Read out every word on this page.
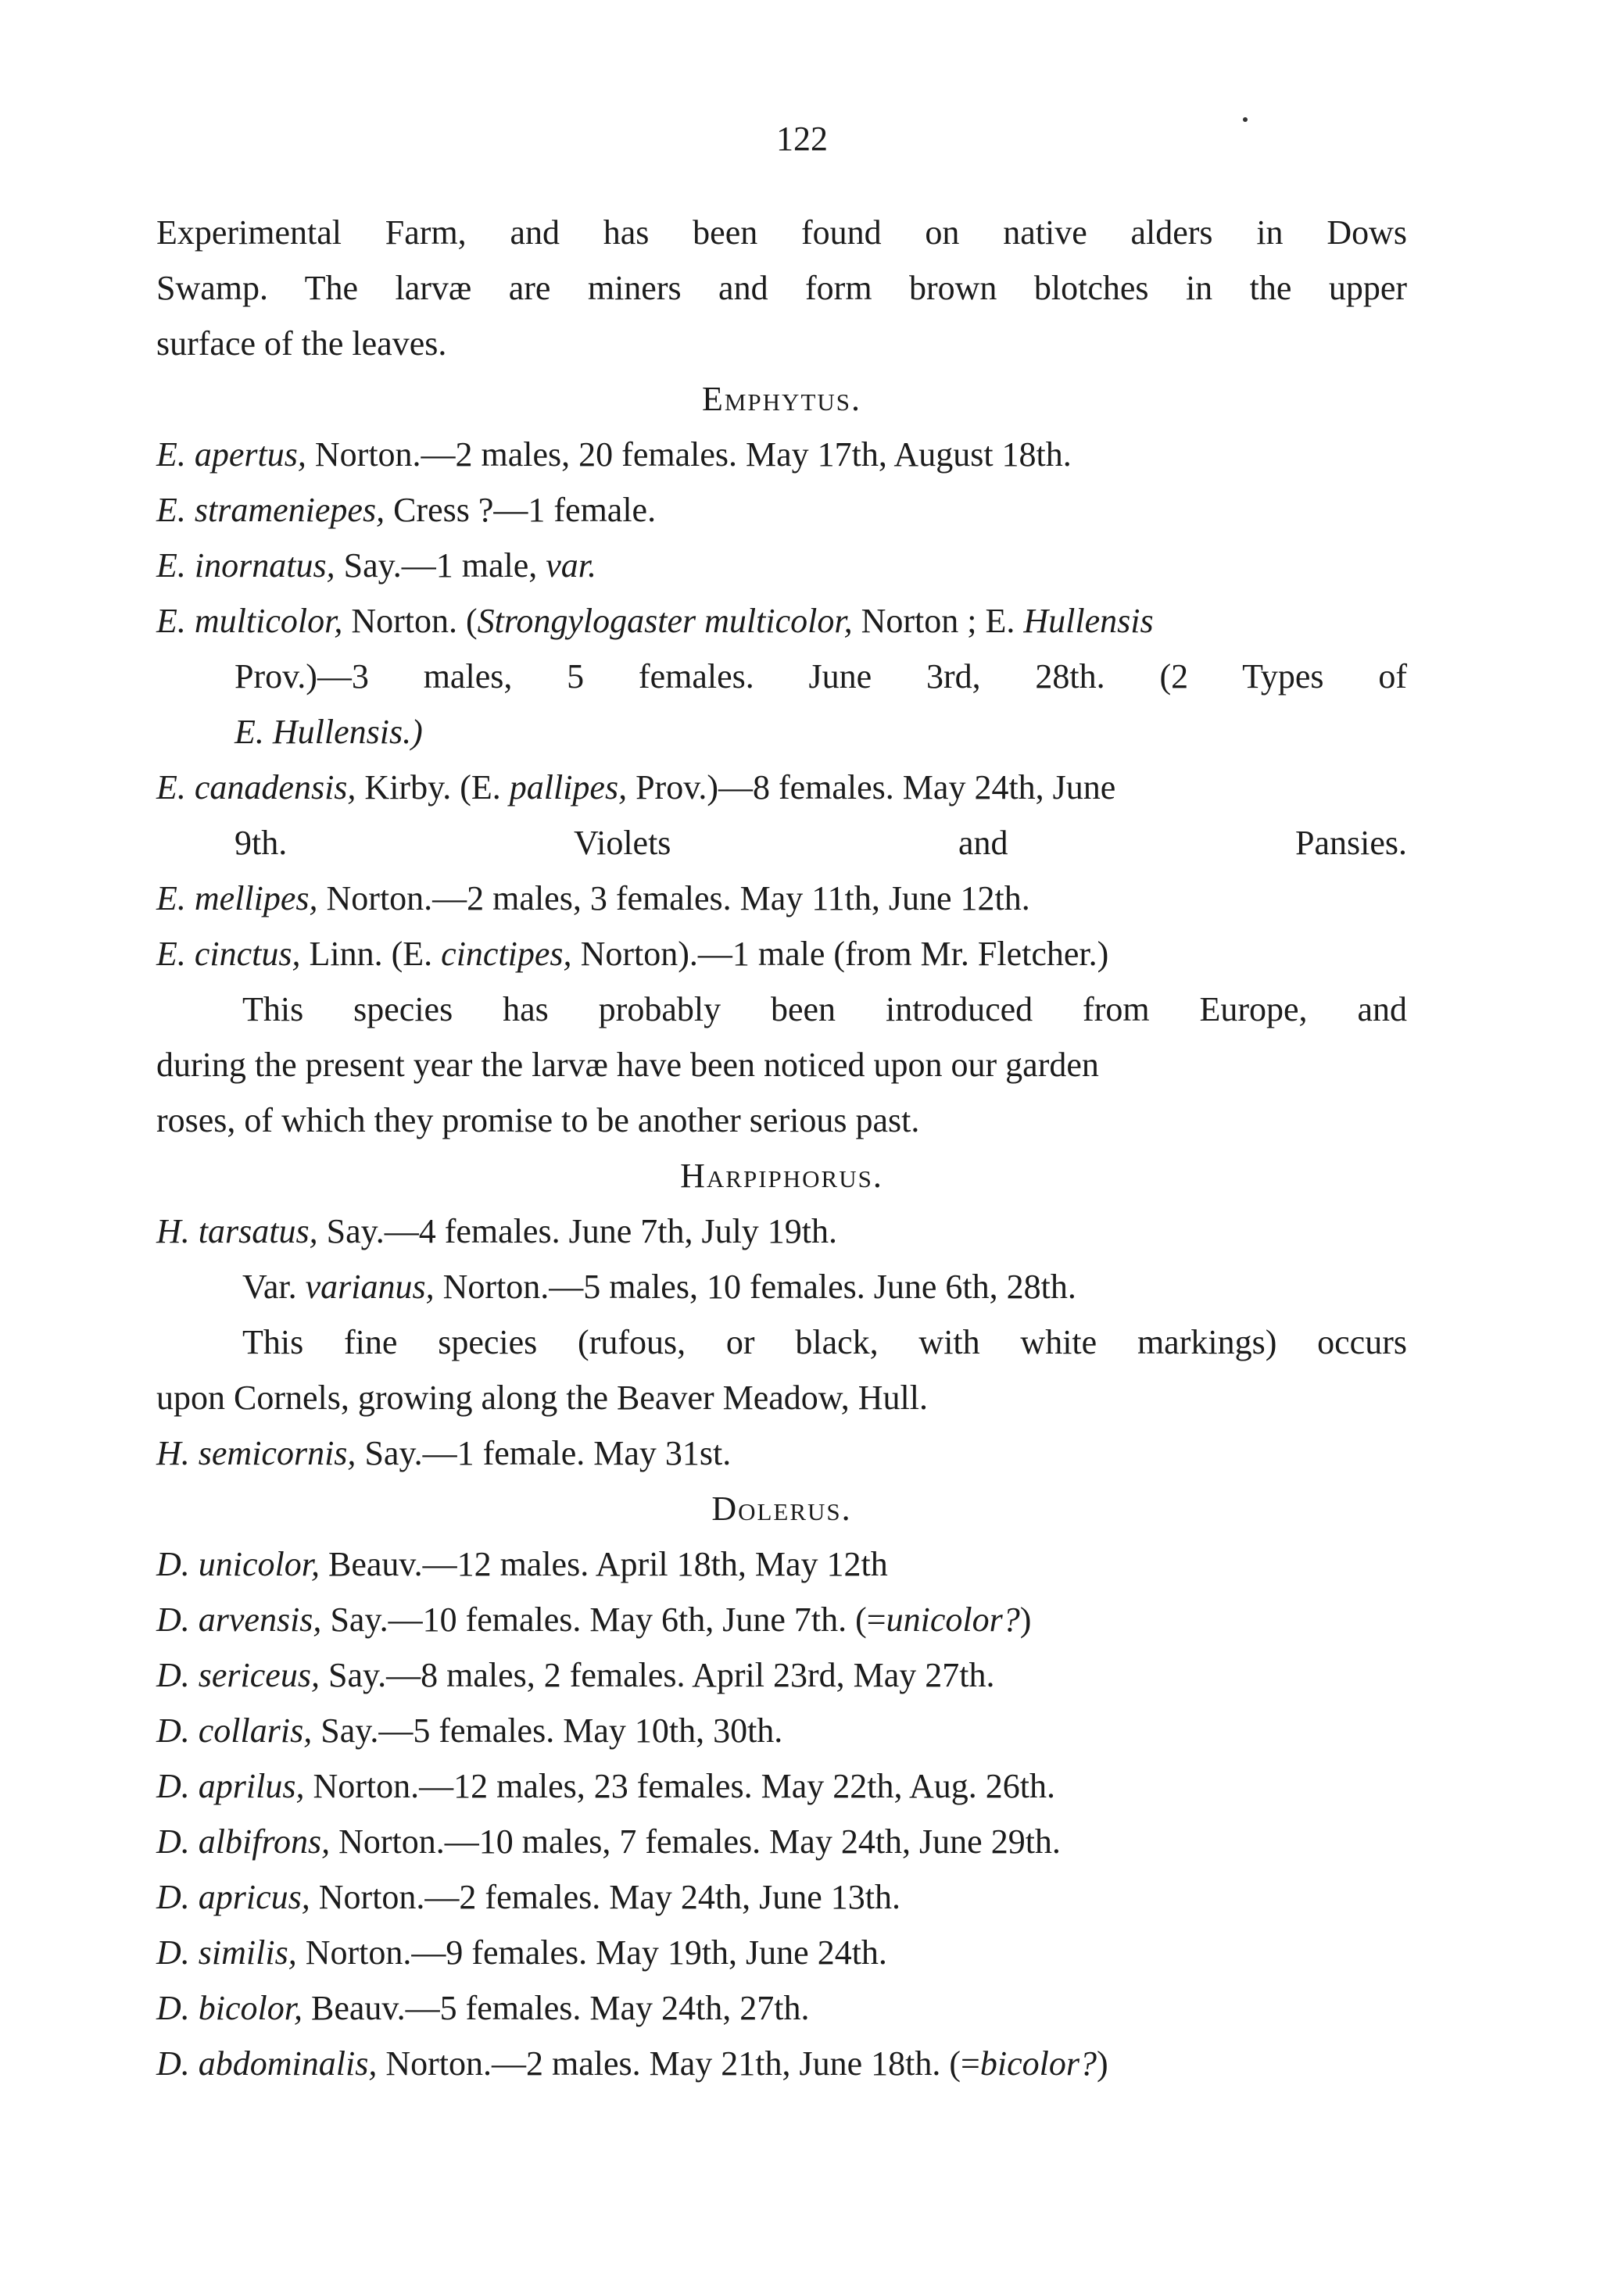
122
Experimental Farm, and has been found on native alders in Dows
Swamp. The larvæ are miners and form brown blotches in the upper
surface of the leaves.
Emphytus.
E. apertus, Norton.—2 males, 20 females. May 17th, August 18th.
E. strameniepes, Cress ?—1 female.
E. inornatus, Say.—1 male, var.
E. multicolor, Norton. (Strongylogaster multicolor, Norton ; E. Hullensis
Prov.)—3 males, 5 females. June 3rd, 28th. (2 Types of
E. Hullensis.)
E. canadensis, Kirby. (E. pallipes, Prov.)—8 females. May 24th, June
9th. Violets and Pansies.
E. mellipes, Norton.—2 males, 3 females. May 11th, June 12th.
E. cinctus, Linn. (E. cinctipes, Norton).—1 male (from Mr. Fletcher.)
This species has probably been introduced from Europe, and
during the present year the larvæ have been noticed upon our garden
roses, of which they promise to be another serious past.
Harpiphorus.
H. tarsatus, Say.—4 females. June 7th, July 19th.
Var. varianus, Norton.—5 males, 10 females. June 6th, 28th.
This fine species (rufous, or black, with white markings) occurs
upon Cornels, growing along the Beaver Meadow, Hull.
H. semicornis, Say.—1 female. May 31st.
Dolerus.
D. unicolor, Beauv.—12 males. April 18th, May 12th
D. arvensis, Say.—10 females. May 6th, June 7th. (=unicolor?)
D. sericeus, Say.—8 males, 2 females. April 23rd, May 27th.
D. collaris, Say.—5 females. May 10th, 30th.
D. aprilus, Norton.—12 males, 23 females. May 22th, Aug. 26th.
D. albifrons, Norton.—10 males, 7 females. May 24th, June 29th.
D. apricus, Norton.—2 females. May 24th, June 13th.
D. similis, Norton.—9 females. May 19th, June 24th.
D. bicolor, Beauv.—5 females. May 24th, 27th.
D. abdominalis, Norton.—2 males. May 21th, June 18th. (=bicolor?)
